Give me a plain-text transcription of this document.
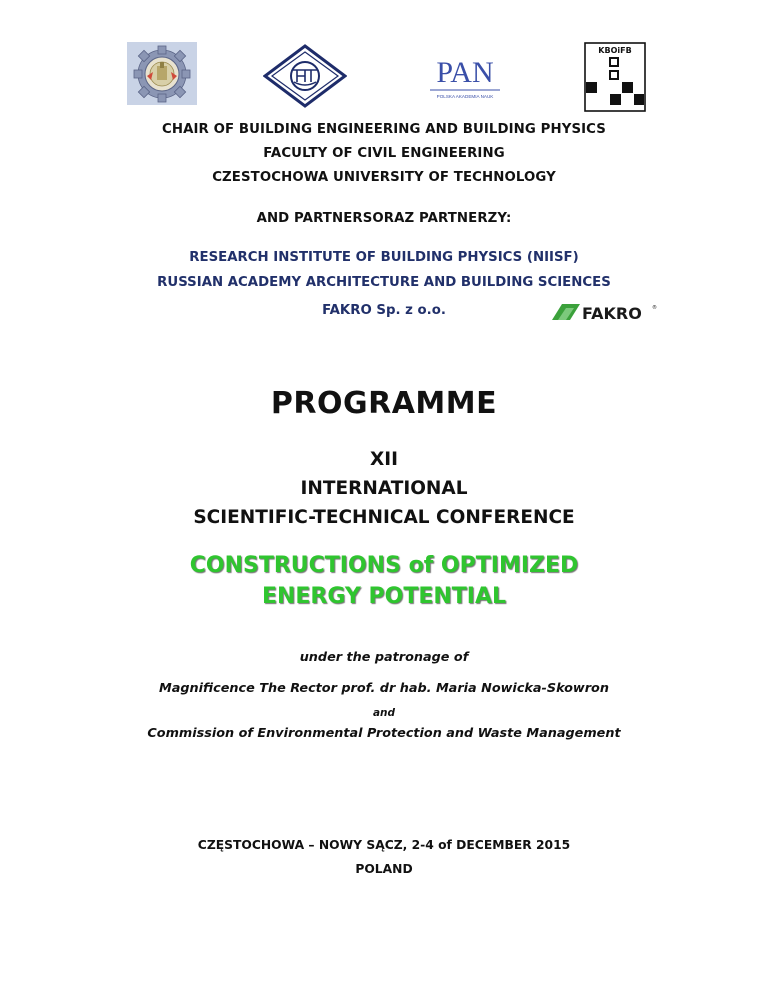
PAN
POLSKA AKADEMIA NAUK
KBOiFB
CHAIR OF BUILDING ENGINEERING AND BUILDING PHYSICS
FACULTY OF CIVIL ENGINEERING
CZESTOCHOWA UNIVERSITY OF TECHNOLOGY
AND PARTNERSORAZ PARTNERZY:
RESEARCH INSTITUTE OF BUILDING PHYSICS (NIISF)
RUSSIAN ACADEMY ARCHITECTURE AND BUILDING SCIENCES
FAKRO Sp. z o.o.	FAKRO ®
PROGRAMME
XII
INTERNATIONAL
SCIENTIFIC-TECHNICAL CONFERENCE
CONSTRUCTIONS of OPTIMIZED
ENERGY POTENTIAL
under the patronage of
Magnificence The Rector prof. dr hab. Maria Nowicka-Skowron
and
Commission of Environmental Protection and Waste Management
CZĘSTOCHOWA – NOWY SĄCZ, 2-4 of DECEMBER 2015
POLAND
